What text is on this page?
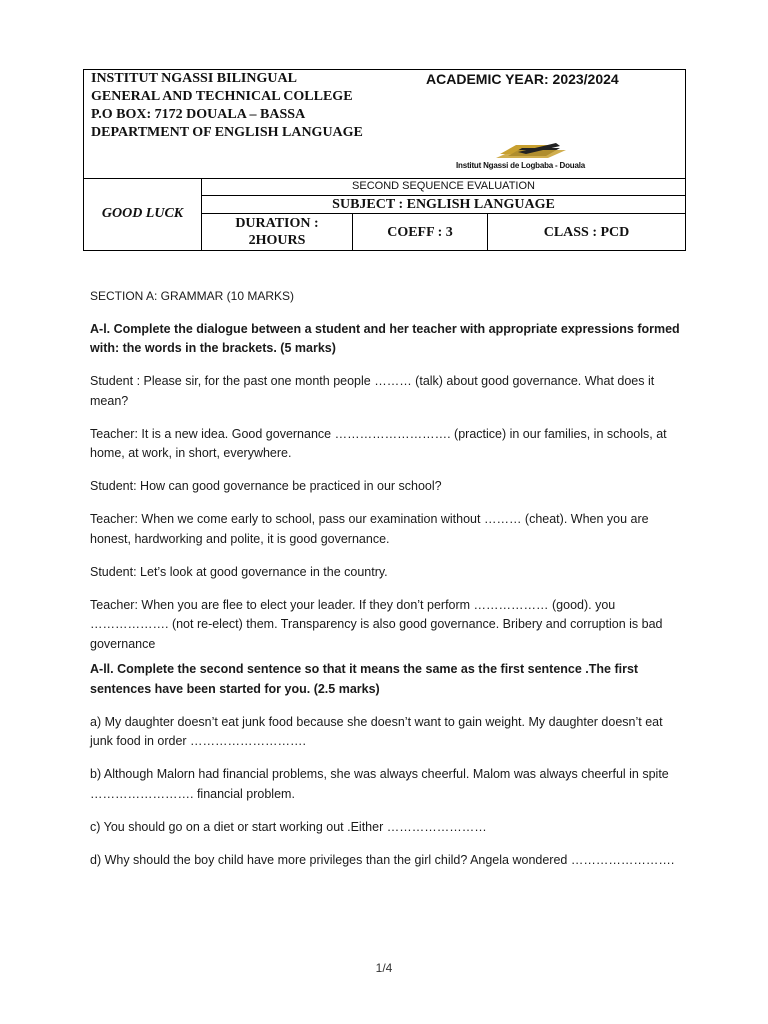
INSTITUT NGASSI BILINGUAL
GENERAL AND TECHNICAL COLLEGE
P.O BOX: 7172 DOUALA – BASSA
DEPARTMENT OF ENGLISH LANGUAGE
ACADEMIC YEAR: 2023/2024
Institut Ngassi de Logbaba - Douala
GOOD LUCK
SECOND SEQUENCE EVALUATION
SUBJECT : ENGLISH LANGUAGE
DURATION :
2HOURS
COEFF : 3	CLASS : PCD

SECTION A: GRAMMAR (10 MARKS)

A-l. Complete the dialogue between a student and her teacher with appropriate expressions formed with: the words in the brackets. (5 marks)

Student : Please sir, for the past one month people ……… (talk) about good governance. What does it mean?

Teacher: It is a new idea. Good governance ………………………. (practice) in our families, in schools, at home, at work, in short, everywhere.

Student: How can good governance be practiced in our school?

Teacher: When we come early to school, pass our examination without ……… (cheat). When you are honest, hardworking and polite, it is good governance.

Student: Let’s look at good governance in the country.

Teacher: When you are flee to elect your leader. If they don’t perform ……………… (good). you ………………. (not re-elect) them. Transparency is also good governance. Bribery and corruption is bad governance

A-ll. Complete the second sentence so that it means the same as the first sentence .The first sentences have been started for you. (2.5 marks)

a) My daughter doesn’t eat junk food because she doesn’t want to gain weight. My daughter doesn’t eat junk food in order ……………………….

b) Although Malorn had financial problems, she was always cheerful. Malom was always cheerful in spite ……………………. financial problem.

c) You should go on a diet or start working out .Either ……………………

d) Why should the boy child have more privileges than the girl child? Angela wondered …………………….

1/4
